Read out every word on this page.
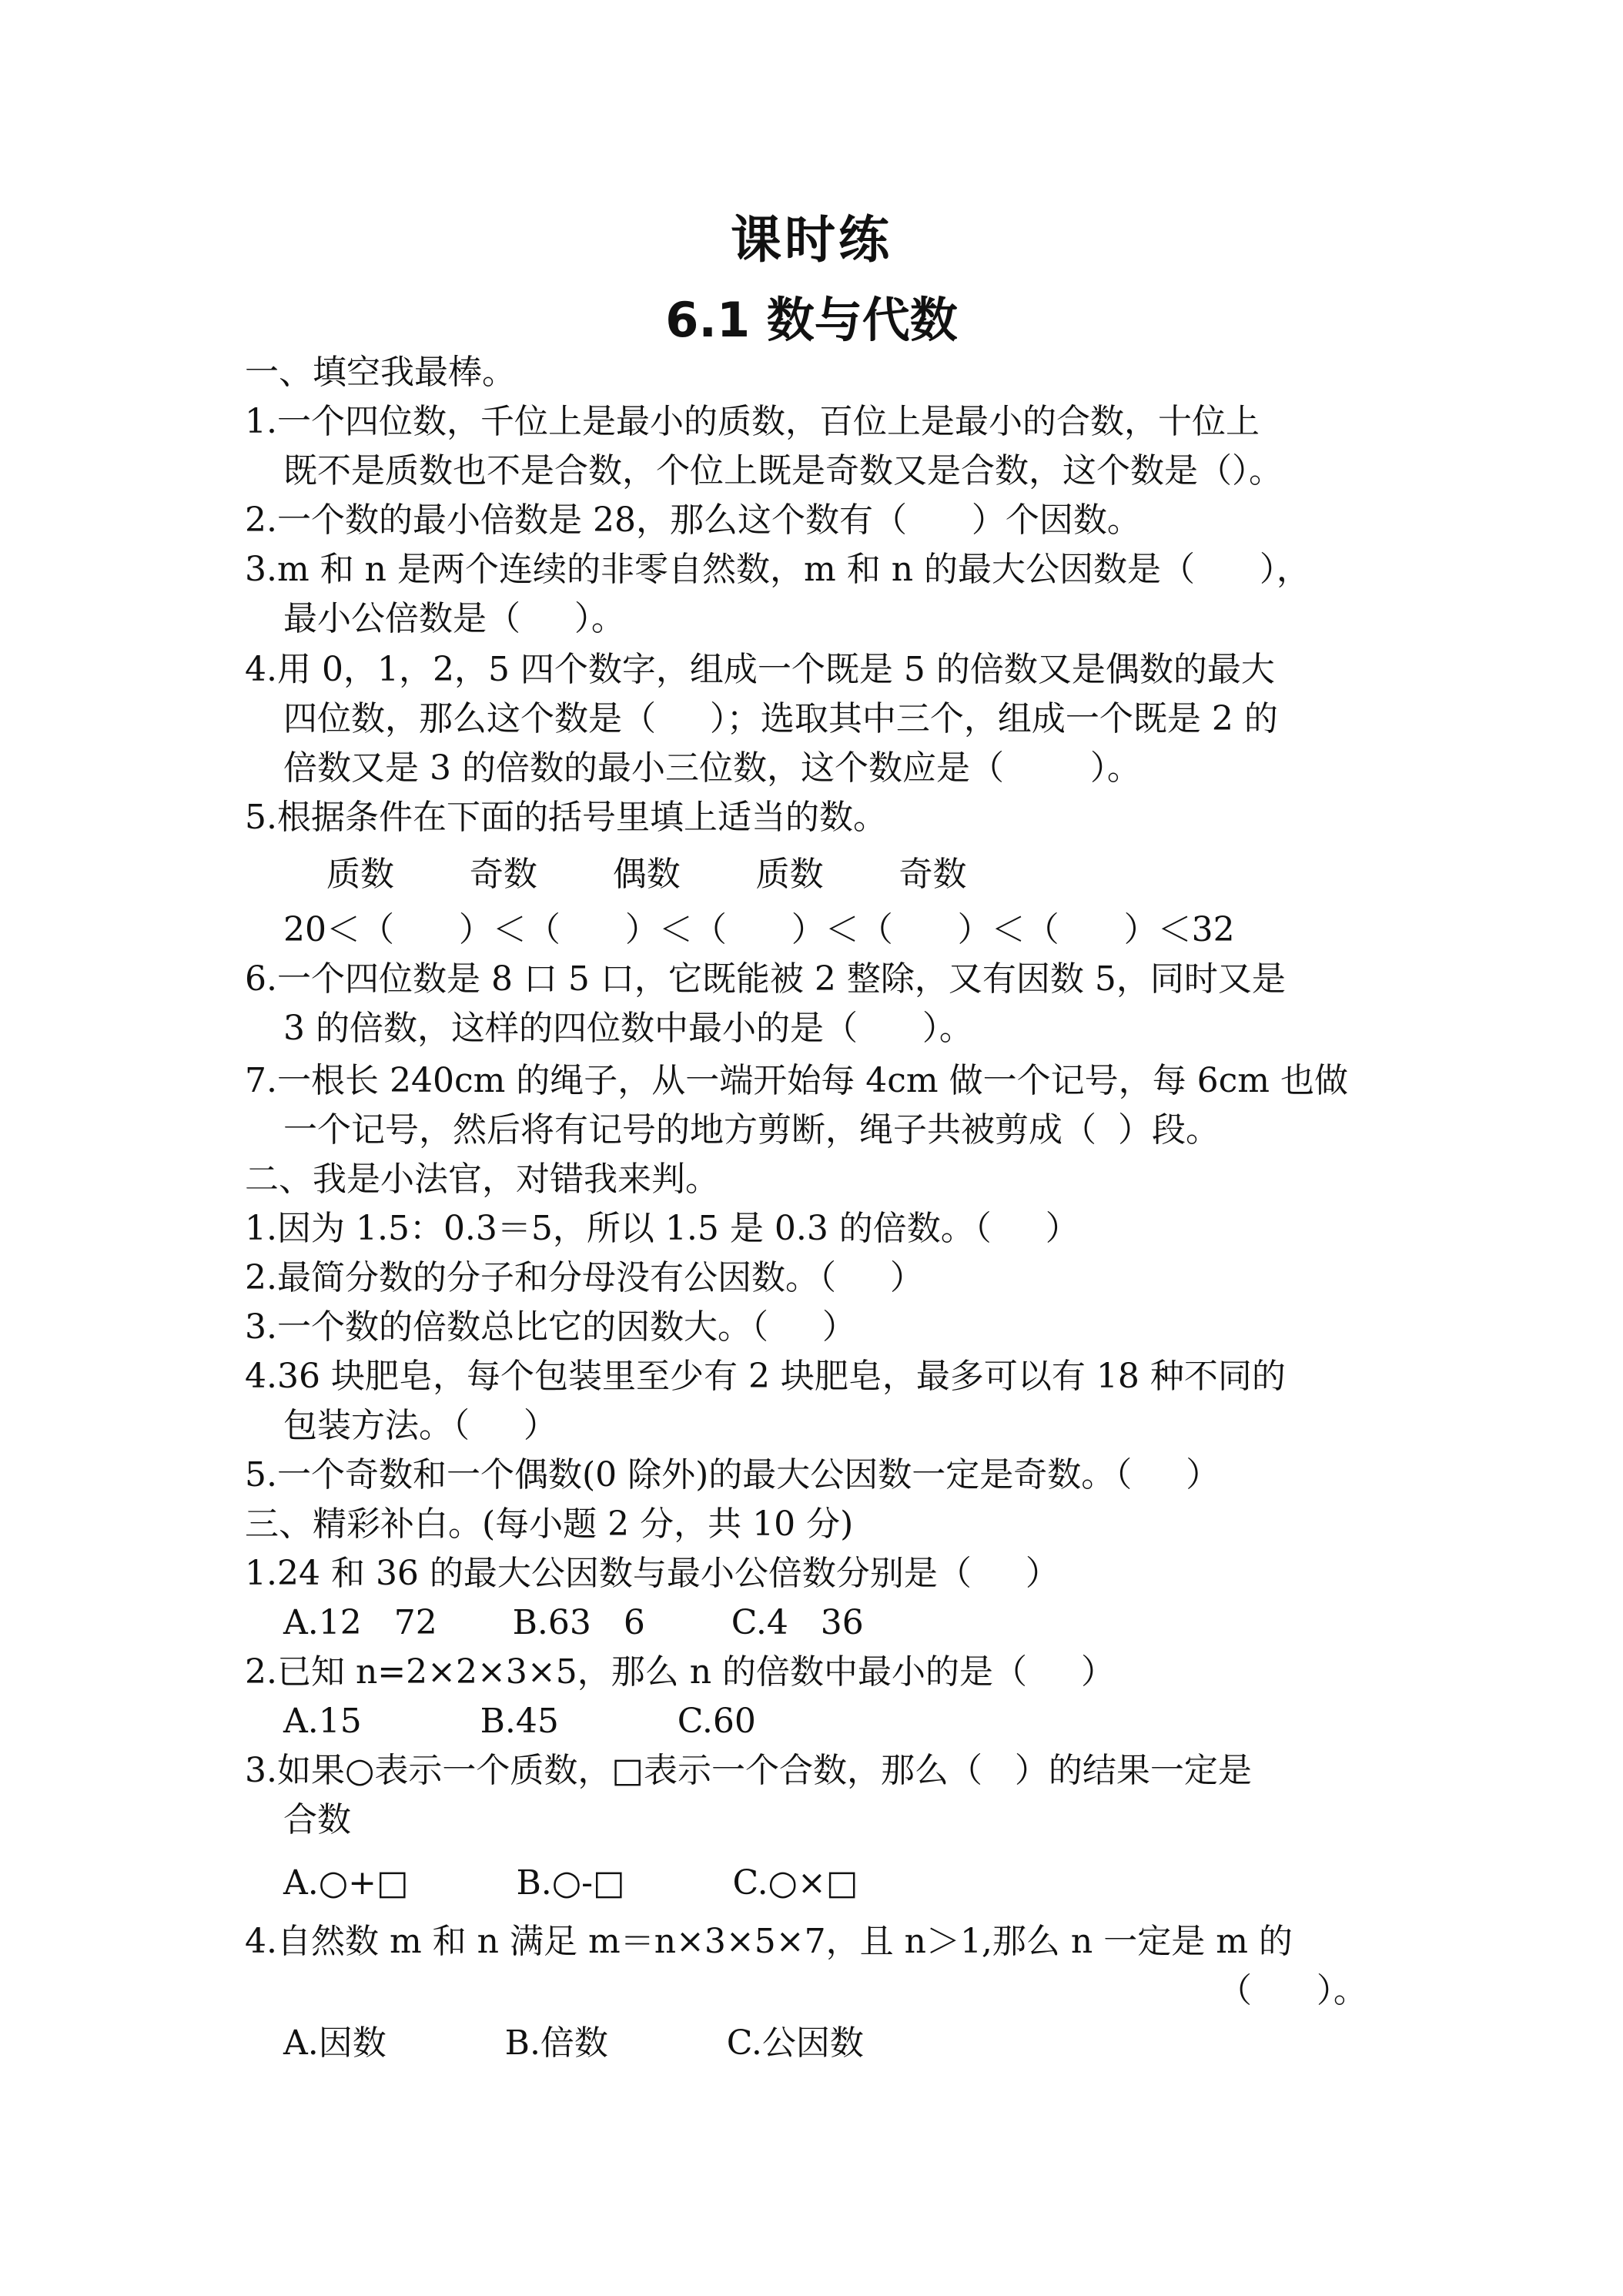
课时练
6.1 数与代数
一、填空我最棒。
1.一个四位数，千位上是最小的质数，百位上是最小的合数，十位上
既不是质数也不是合数，个位上既是奇数又是合数，这个数是（）。
2.一个数的最小倍数是 28，那么这个数有（      ）个因数。
3.m 和 n 是两个连续的非零自然数，m 和 n 的最大公因数是（      ），
最小公倍数是（     ）。
4.用 0，1，2，5 四个数字，组成一个既是 5 的倍数又是偶数的最大
四位数，那么这个数是（     ）；选取其中三个，组成一个既是 2 的
倍数又是 3 的倍数的最小三位数，这个数应是（        ）。
5.根据条件在下面的括号里填上适当的数。
质数       奇数       偶数       质数       奇数
20＜（      ）＜（      ）＜（      ）＜（      ）＜（      ）＜32
6.一个四位数是 8 口 5 口，它既能被 2 整除，又有因数 5，同时又是
3 的倍数，这样的四位数中最小的是（      ）。
7.一根长 240cm 的绳子，从一端开始每 4cm 做一个记号，每 6cm 也做
一个记号，然后将有记号的地方剪断，绳子共被剪成（  ）段。
二、我是小法官，对错我来判。
1.因为 1.5：0.3＝5，所以 1.5 是 0.3 的倍数。（     ）
2.最简分数的分子和分母没有公因数。（     ）
3.一个数的倍数总比它的因数大。（     ）
4.36 块肥皂，每个包装里至少有 2 块肥皂，最多可以有 18 种不同的
包装方法。（     ）
5.一个奇数和一个偶数(0 除外)的最大公因数一定是奇数。（     ）
三、精彩补白。(每小题 2 分，共 10 分)
1.24 和 36 的最大公因数与最小公倍数分别是（     ）
A.12   72       B.63   6        C.4   36
2.已知 n=2×2×3×5，那么 n 的倍数中最小的是（     ）
A.15           B.45           C.60
3.如果○表示一个质数，□表示一个合数，那么（   ）的结果一定是
合数
A.○+□          B.○-□          C.○×□
4.自然数 m 和 n 满足 m＝n×3×5×7，且 n＞1,那么 n 一定是 m 的
（      ）。
A.因数           B.倍数           C.公因数
